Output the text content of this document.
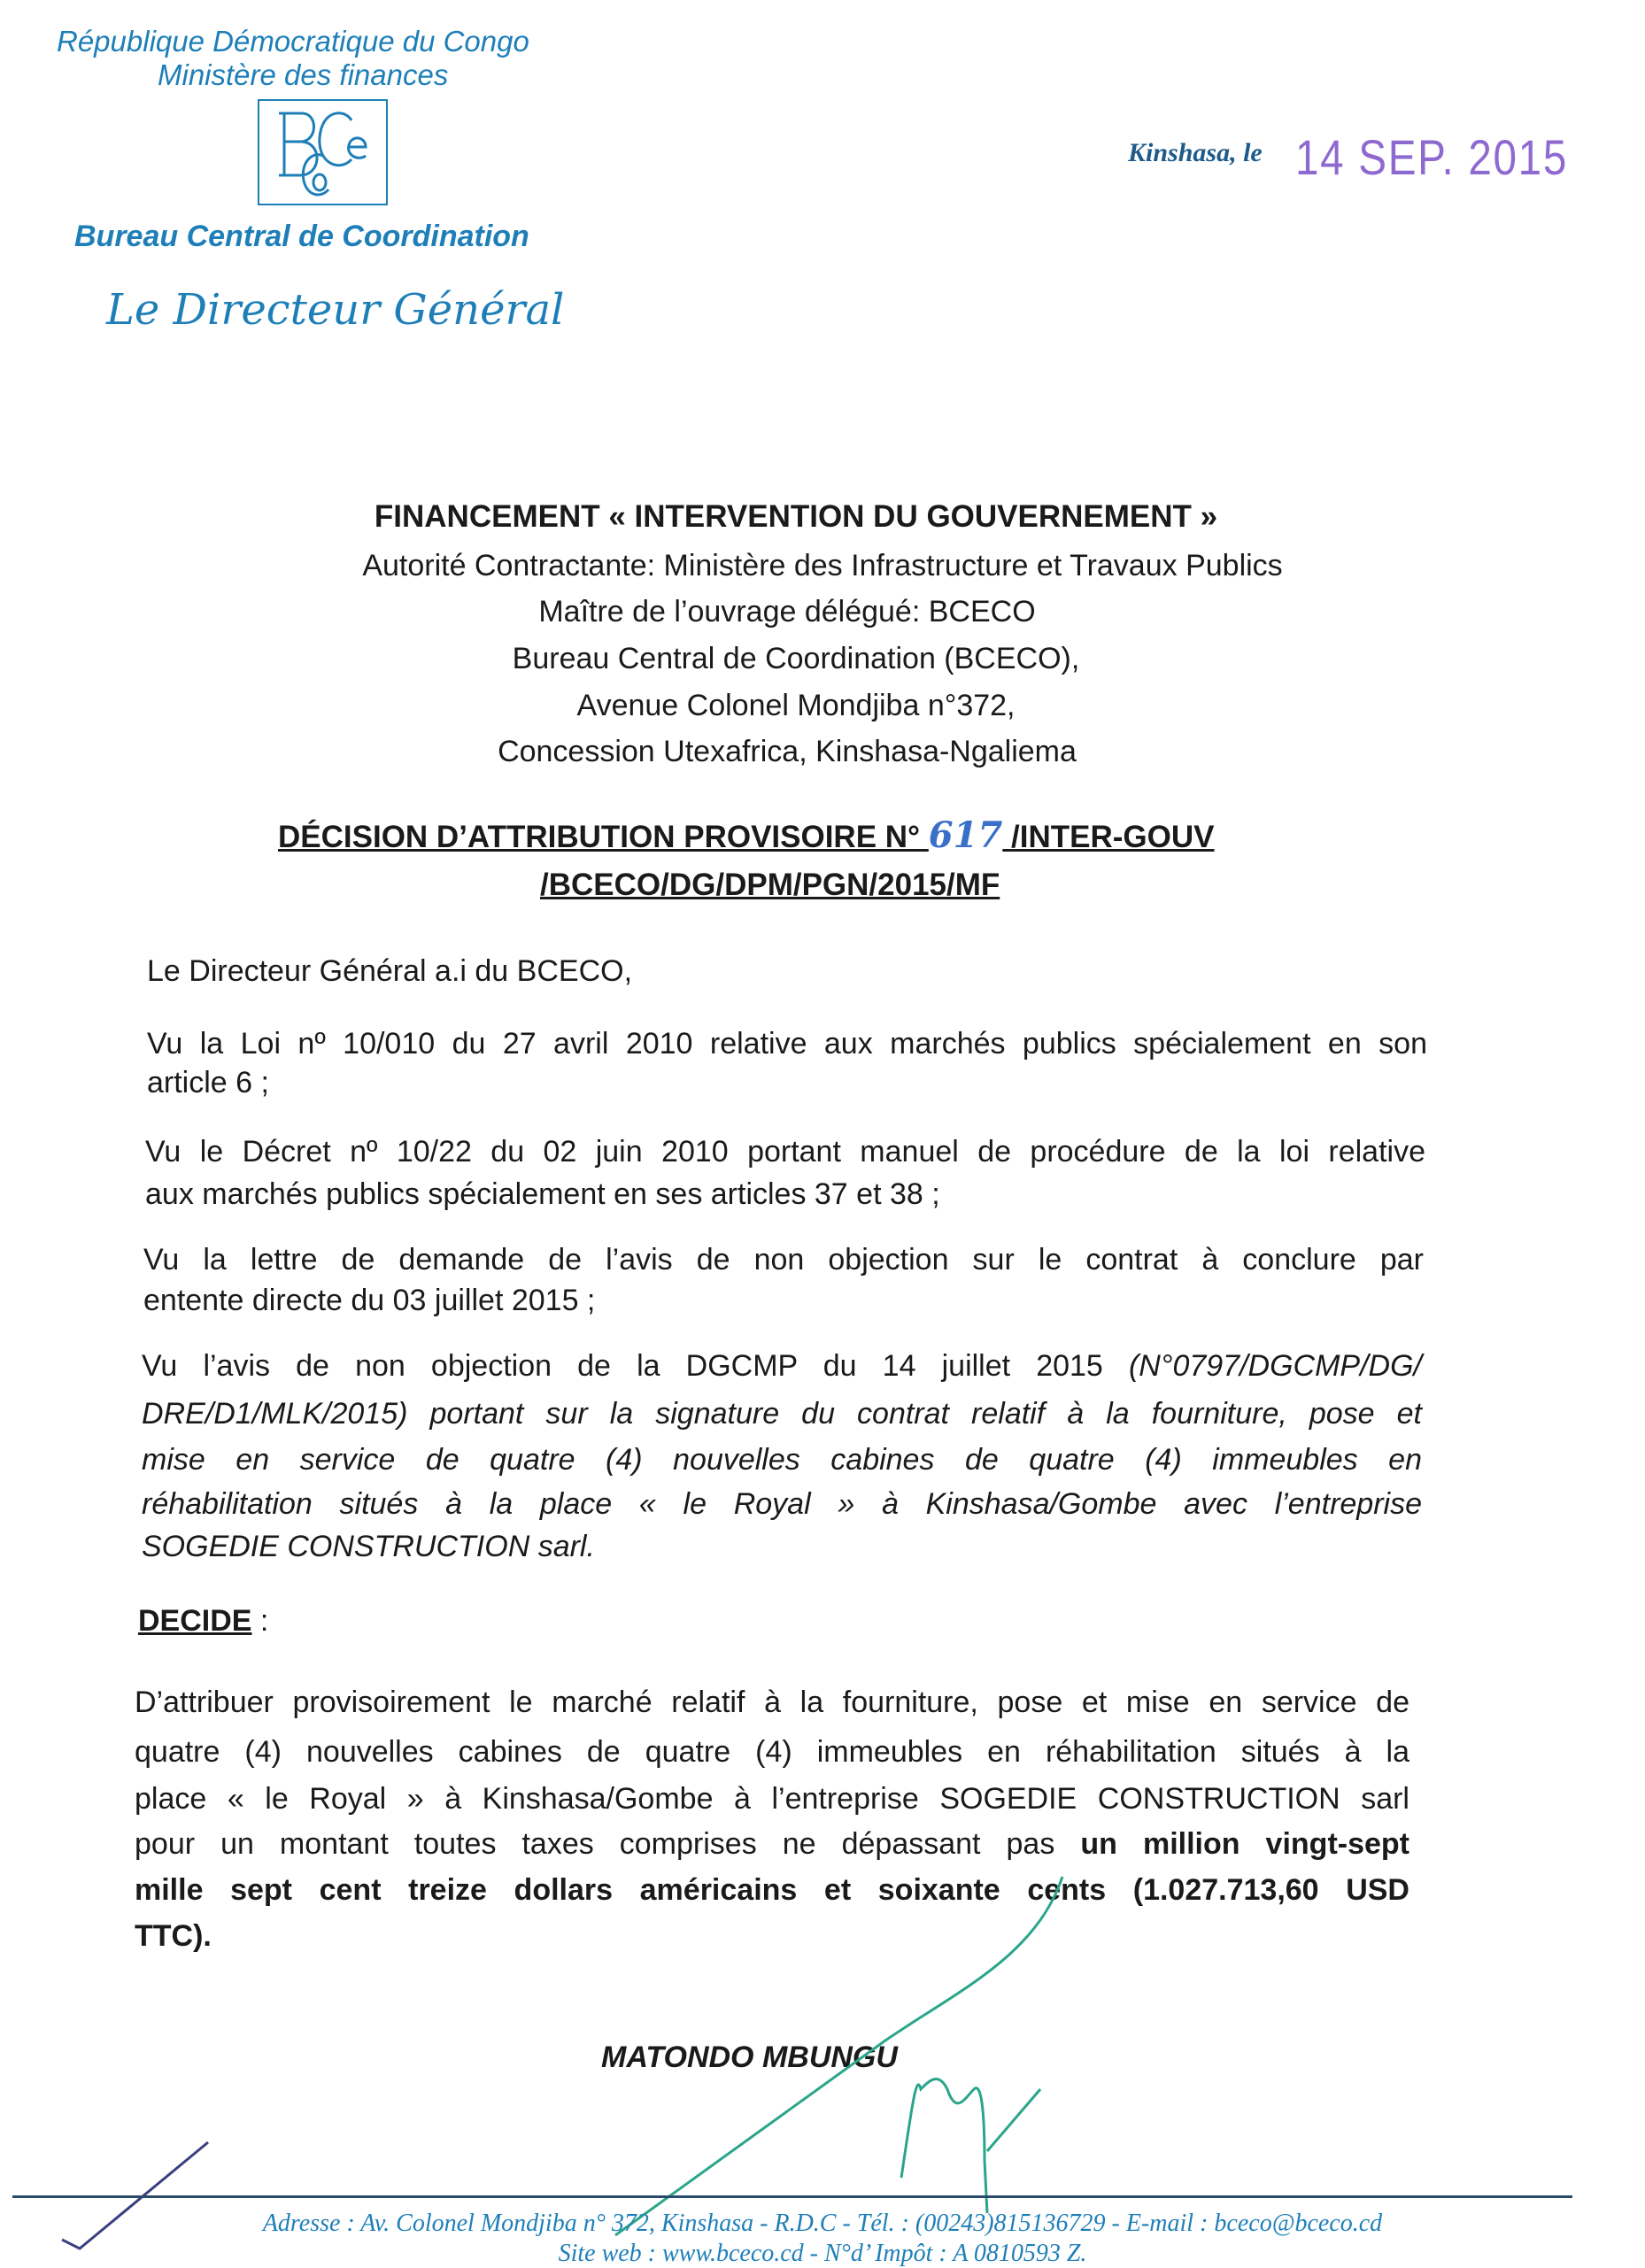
République Démocratique du Congo
Ministère des finances
Bureau Central de Coordination
Le Directeur Général
Kinshasa, le 14 SEP. 2015
FINANCEMENT « INTERVENTION DU GOUVERNEMENT »
Autorité Contractante: Ministère des Infrastructure et Travaux Publics
Maître de l’ouvrage délégué: BCECO
Bureau Central de Coordination (BCECO),
Avenue Colonel Mondjiba n°372,
Concession Utexafrica, Kinshasa-Ngaliema
DÉCISION D’ATTRIBUTION PROVISOIRE N° 617 /INTER-GOUV
/BCECO/DG/DPM/PGN/2015/MF
Le Directeur Général a.i du BCECO,
Vu la Loi nº 10/010 du 27 avril 2010 relative aux marchés publics spécialement en son
article 6 ;
Vu le Décret nº 10/22 du 02 juin 2010 portant manuel de procédure de la loi relative
aux marchés publics spécialement en ses articles 37 et 38 ;
Vu la lettre de demande de l’avis de non objection sur le contrat à conclure par
entente directe du 03 juillet 2015 ;
Vu l’avis de non objection de la DGCMP du 14 juillet 2015 (N°0797/DGCMP/DG/
DRE/D1/MLK/2015) portant sur la signature du contrat relatif à la fourniture, pose et
mise en service de quatre (4) nouvelles cabines de quatre (4) immeubles en
réhabilitation situés à la place « le Royal » à Kinshasa/Gombe avec l’entreprise
SOGEDIE CONSTRUCTION sarl.
DECIDE :
D’attribuer provisoirement le marché relatif à la fourniture, pose et mise en service de
quatre (4) nouvelles cabines de quatre (4) immeubles en réhabilitation situés à la
place « le Royal » à Kinshasa/Gombe à l’entreprise SOGEDIE CONSTRUCTION sarl
pour un montant toutes taxes comprises ne dépassant pas un million vingt-sept
mille sept cent treize dollars américains et soixante cents (1.027.713,60 USD
TTC).
MATONDO MBUNGU
Adresse : Av. Colonel Mondjiba n° 372, Kinshasa - R.D.C - Tél. : (00243)815136729 - E-mail : bceco@bceco.cd
Site web : www.bceco.cd - N°d’ Impôt : A 0810593 Z.
